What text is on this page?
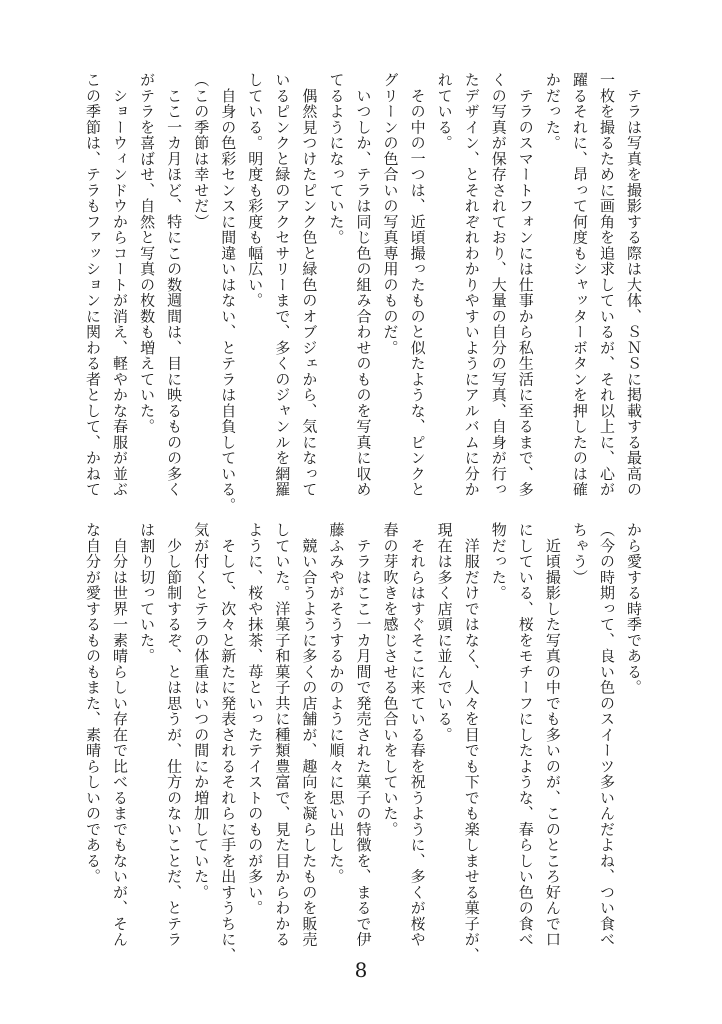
　テラは写真を撮影する際は大体、ＳＮＳに掲載する最高の
一枚を撮るために画角を追求しているが、それ以上に、心が
躍るそれに、昂って何度もシャッターボタンを押したのは確
かだった。
　テラのスマートフォンには仕事から私生活に至るまで、多
くの写真が保存されており、大量の自分の写真、自身が行っ
たデザイン、とそれぞれわかりやすいようにアルバムに分か
れている。
　その中の一つは、近頃撮ったものと似たような、ピンクと
グリーンの色合いの写真専用のものだ。
　いつしか、テラは同じ色の組み合わせのものを写真に収め
てるようになっていた。
　偶然見つけたピンク色と緑色のオブジェから、気になって
いるピンクと緑のアクセサリーまで、多くのジャンルを網羅
している。明度も彩度も幅広い。
　自身の色彩センスに間違いはない、とテラは自負している。
（この季節は幸せだ）
　ここ一カ月ほど、特にこの数週間は、目に映るものの多く
がテラを喜ばせ、自然と写真の枚数も増えていた。
　ショーウィンドウからコートが消え、軽やかな春服が並ぶ
この季節は、テラもファッションに関わる者として、かねて
から愛する時季である。
（今の時期って、良い色のスイーツ多いんだよね、つい食べ
ちゃう）
　近頃撮影した写真の中でも多いのが、このところ好んで口
にしている、桜をモチーフにしたような、春らしい色の食べ
物だった。
　洋服だけではなく、人々を目でも下でも楽しませる菓子が、
現在は多く店頭に並んでいる。
　それらはすぐそこに来ている春を祝うように、多くが桜や
春の芽吹きを感じさせる色合いをしていた。
　テラはここ一カ月間で発売された菓子の特徴を、まるで伊
藤ふみやがそうするかのように順々に思い出した。
　競い合うように多くの店舗が、趣向を凝らしたものを販売
していた。洋菓子和菓子共に種類豊富で、見た目からわかる
ように、桜や抹茶、苺といったテイストのものが多い。
　そして、次々と新たに発表されるそれらに手を出すうちに、
気が付くとテラの体重はいつの間にか増加していた。
　少し節制するぞ、とは思うが、仕方のないことだ、とテラ
は割り切っていた。
　自分は世界一素晴らしい存在で比べるまでもないが、そん
な自分が愛するものもまた、素晴らしいのである。
8
